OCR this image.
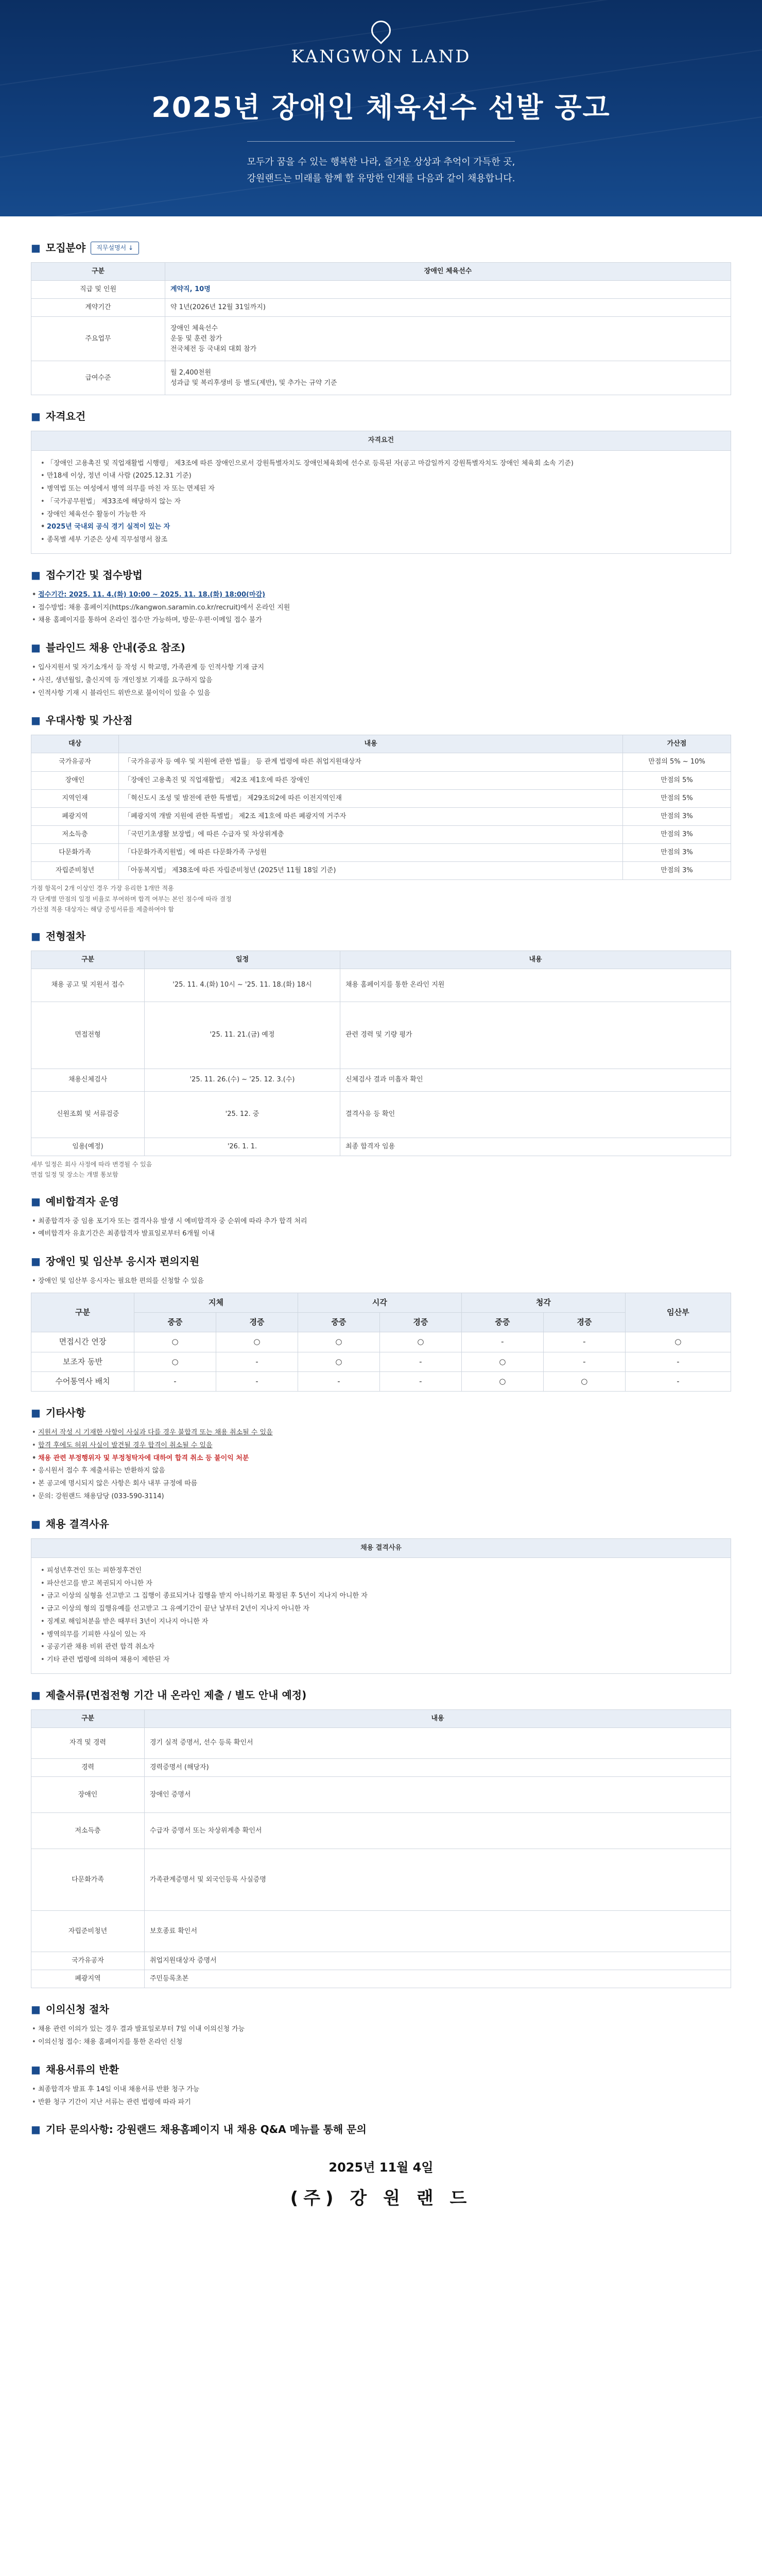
KANGWON LAND
2025년 장애인 체육선수 선발 공고

모두가 꿈을 수 있는 행복한 나라, 즐거운 상상과 추억이 가득한 곳,

강원랜드는 미래를 함께 할 유망한 인재를 다음과 같이 채용합니다.

■ 모집분야	직무설명서 ↓
구분	장애인 체육선수
직급 및 인원	계약직, 10명
계약기간	약 1년(2026년 12월 31일까지)
주요업무	장애인 체육선수
운동 및 훈련 참가
전국체전 등 국내외 대회 참가
급여수준	월 2,400천원
성과급 및 복리후생비 등 별도(제반), 및 추가는 규약 기준
■ 자격요건
자격요건
• 「장애인 고용촉진 및 직업재활법 시행령」 제3조에 따른 장애인으로서 강원특별자치도 장애인체육회에 선수로 등록된 자(공고 마감일까지 강원특별자치도 장애인 체육회 소속 기준)
• 만18세 이상, 정년 이내 사람 (2025.12.31 기준)
• 병역법 또는 여성에서 병역 의무를 마친 자 또는 면제된 자
• 「국가공무원법」 제33조에 해당하지 않는 자
• 장애인 체육선수 활동이 가능한 자
• 2025년 국내외 공식 경기 실적이 있는 자
• 종목별 세부 기준은 상세 직무설명서 참조
■ 접수기간 및 접수방법
• 접수기간: 2025. 11. 4.(화) 10:00 ~ 2025. 11. 18.(화) 18:00(마감)
• 접수방법: 채용 홈페이지(https://kangwon.saramin.co.kr/recruit)에서 온라인 지원
• 채용 홈페이지를 통하여 온라인 접수만 가능하며, 방문·우편·이메일 접수 불가
■ 블라인드 채용 안내(중요 참조)
• 입사지원서 및 자기소개서 등 작성 시 학교명, 가족관계 등 인적사항 기재 금지
• 사진, 생년월일, 출신지역 등 개인정보 기재를 요구하지 않음
• 인적사항 기재 시 블라인드 위반으로 불이익이 있을 수 있음
■ 우대사항 및 가산점
대상	내용	가산점
국가유공자	「국가유공자 등 예우 및 지원에 관한 법률」 등 관계 법령에 따른 취업지원대상자	만점의 5% ~ 10%
장애인	「장애인 고용촉진 및 직업재활법」 제2조 제1호에 따른 장애인	만점의 5%
지역인재	「혁신도시 조성 및 발전에 관한 특별법」 제29조의2에 따른 이전지역인재	만점의 5%
폐광지역	「폐광지역 개발 지원에 관한 특별법」 제2조 제1호에 따른 폐광지역 거주자	만점의 3%
저소득층	「국민기초생활 보장법」에 따른 수급자 및 차상위계층	만점의 3%
다문화가족	「다문화가족지원법」에 따른 다문화가족 구성원	만점의 3%
자립준비청년	「아동복지법」 제38조에 따른 자립준비청년 (2025년 11월 18일 기준)	만점의 3%
가점 항목이 2개 이상인 경우 가장 유리한 1개만 적용
각 단계별 만점의 일정 비율로 부여하며 합격 여부는 본인 점수에 따라 결정
가산점 적용 대상자는 해당 증빙서류를 제출하여야 함
■ 전형절차
구분	일정	내용
채용 공고 및 지원서 접수	'25. 11. 4.(화) 10시 ~ '25. 11. 18.(화) 18시	채용 홈페이지를 통한 온라인 지원
면접전형	'25. 11. 21.(금) 예정	관련 경력 및 기량 평가
채용신체검사	'25. 11. 26.(수) ~ '25. 12. 3.(수)	신체검사 결과 미흡자 확인
신원조회 및 서류검증	'25. 12. 중	결격사유 등 확인
임용(예정)	'26. 1. 1.	최종 합격자 임용
세부 일정은 회사 사정에 따라 변경될 수 있음
면접 일정 및 장소는 개별 통보함
■ 예비합격자 운영
• 최종합격자 중 임용 포기자 또는 결격사유 발생 시 예비합격자 중 순위에 따라 추가 합격 처리
• 예비합격자 유효기간은 최종합격자 발표일로부터 6개월 이내
■ 장애인 및 임산부 응시자 편의지원
• 장애인 및 임산부 응시자는 필요한 편의를 신청할 수 있음
구분	지체		시각		청각		임산부
	중증	경증	중증	경증	중증	경증	
면접시간 연장	○	○	○	○	-	-	○
보조자 동반	○	-	○	-	○	-	-
수어통역사 배치	-	-	-	-	○	○	-
■ 기타사항
• 지원서 작성 시 기재한 사항이 사실과 다를 경우 불합격 또는 채용 취소될 수 있음
• 합격 후에도 허위 사실이 발견될 경우 합격이 취소될 수 있음
• 채용 관련 부정행위자 및 부정청탁자에 대하여 합격 취소 등 불이익 처분
• 응시원서 접수 후 제출서류는 반환하지 않음
• 본 공고에 명시되지 않은 사항은 회사 내부 규정에 따름
• 문의: 강원랜드 채용담당 (033-590-3114)
■ 채용 결격사유
채용 결격사유
• 피성년후견인 또는 피한정후견인
• 파산선고를 받고 복권되지 아니한 자
• 금고 이상의 실형을 선고받고 그 집행이 종료되거나 집행을 받지 아니하기로 확정된 후 5년이 지나지 아니한 자
• 금고 이상의 형의 집행유예를 선고받고 그 유예기간이 끝난 날부터 2년이 지나지 아니한 자
• 징계로 해임처분을 받은 때부터 3년이 지나지 아니한 자
• 병역의무를 기피한 사실이 있는 자
• 공공기관 채용 비위 관련 합격 취소자
• 기타 관련 법령에 의하여 채용이 제한된 자
■ 제출서류(면접전형 기간 내 온라인 제출 / 별도 안내 예정)
구분	내용
자격 및 경력	경기 실적 증명서, 선수 등록 확인서
경력	경력증명서 (해당자)
장애인	장애인 증명서
저소득층	수급자 증명서 또는 차상위계층 확인서
다문화가족	가족관계증명서 및 외국인등록 사실증명
자립준비청년	보호종료 확인서
국가유공자	취업지원대상자 증명서
폐광지역	주민등록초본
■ 이의신청 절차
• 채용 관련 이의가 있는 경우 결과 발표일로부터 7일 이내 이의신청 가능
• 이의신청 접수: 채용 홈페이지를 통한 온라인 신청
■ 채용서류의 반환
• 최종합격자 발표 후 14일 이내 채용서류 반환 청구 가능
• 반환 청구 기간이 지난 서류는 관련 법령에 따라 파기
■ 기타 문의사항: 강원랜드 채용홈페이지 내 채용 Q&A 메뉴를 통해 문의
2025년 11월 4일
(주) 강 원 랜 드
